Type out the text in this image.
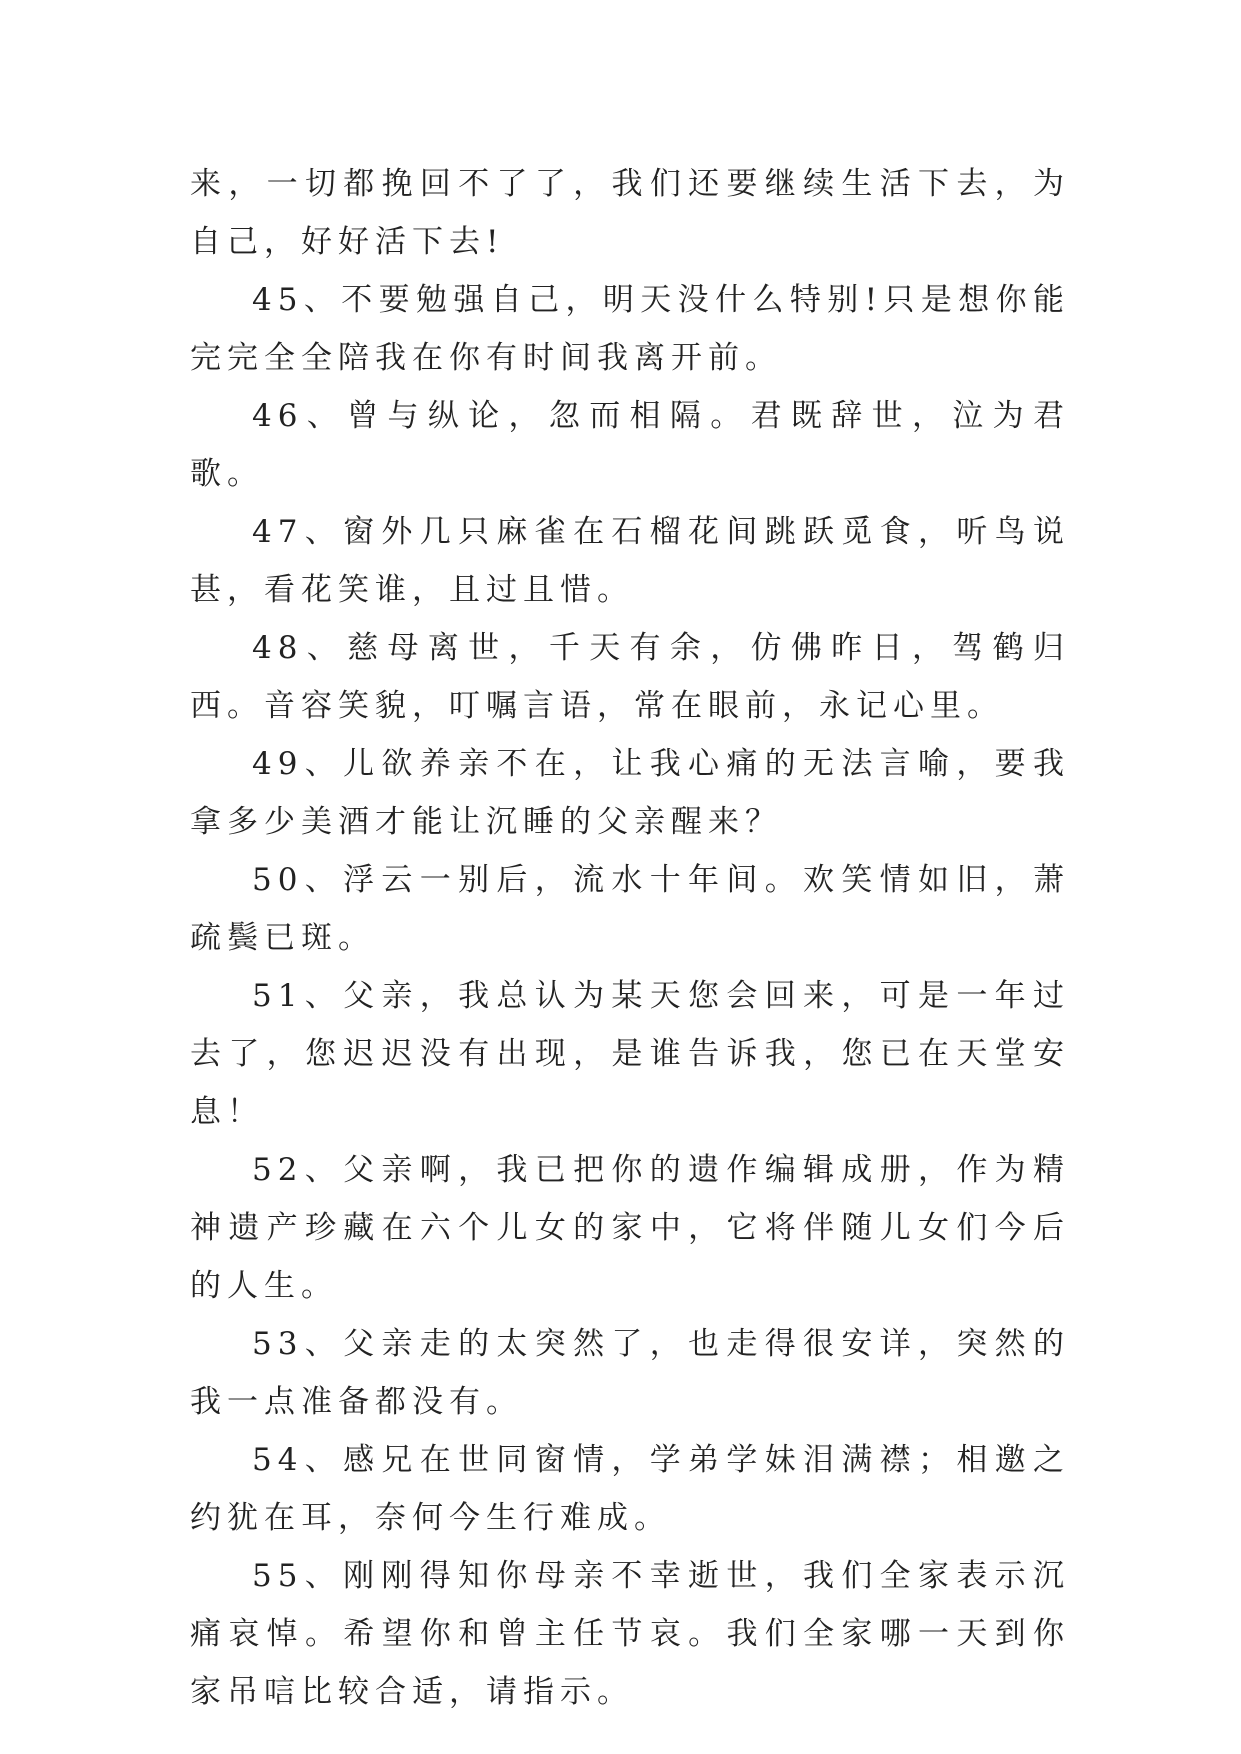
来，一切都挽回不了了，我们还要继续生活下去，为自己，好好活下去!

45、不要勉强自己，明天没什么特别!只是想你能完完全全陪我在你有时间我离开前。

46、曾与纵论，忽而相隔。君既辞世，泣为君歌。

47、窗外几只麻雀在石榴花间跳跃觅食，听鸟说甚，看花笑谁，且过且惜。

48、慈母离世，千天有余，仿佛昨日，驾鹤归西。音容笑貌，叮嘱言语，常在眼前，永记心里。

49、儿欲养亲不在，让我心痛的无法言喻，要我拿多少美酒才能让沉睡的父亲醒来？

50、浮云一别后，流水十年间。欢笑情如旧，萧疏鬓已斑。

51、父亲，我总认为某天您会回来，可是一年过去了，您迟迟没有出现，是谁告诉我，您已在天堂安息！

52、父亲啊，我已把你的遗作编辑成册，作为精神遗产珍藏在六个儿女的家中，它将伴随儿女们今后的人生。

53、父亲走的太突然了，也走得很安详，突然的我一点准备都没有。

54、感兄在世同窗情，学弟学妹泪满襟；相邀之约犹在耳，奈何今生行难成。

55、刚刚得知你母亲不幸逝世，我们全家表示沉痛哀悼。希望你和曾主任节哀。我们全家哪一天到你家吊唁比较合适，请指示。
